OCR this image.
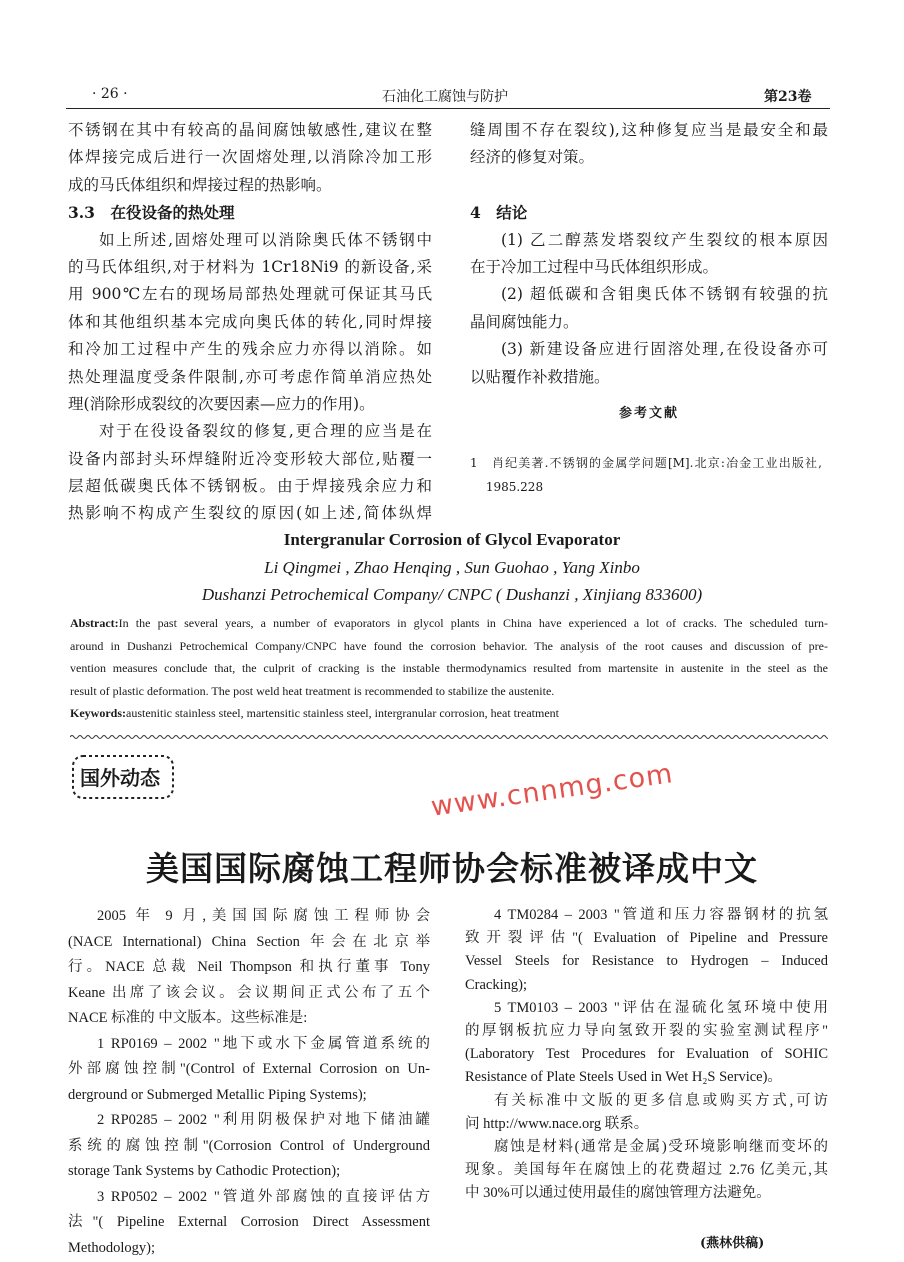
· 26 ·	石油化工腐蚀与防护	第23卷
不锈钢在其中有较高的晶间腐蚀敏感性,建议在整
体焊接完成后进行一次固熔处理,以消除冷加工形
成的马氏体组织和焊接过程的热影响。
3.3　在役设备的热处理
如上所述,固熔处理可以消除奥氏体不锈钢中
的马氏体组织,对于材料为 1Cr18Ni9 的新设备,采
用 900℃左右的现场局部热处理就可保证其马氏
体和其他组织基本完成向奥氏体的转化,同时焊接
和冷加工过程中产生的残余应力亦得以消除。如
热处理温度受条件限制,亦可考虑作简单消应热处
理(消除形成裂纹的次要因素—应力的作用)。
对于在役设备裂纹的修复,更合理的应当是在
设备内部封头环焊缝附近冷变形较大部位,贴覆一
层超低碳奥氏体不锈钢板。由于焊接残余应力和
热影响不构成产生裂纹的原因(如上述,简体纵焊
缝周围不存在裂纹),这种修复应当是最安全和最
经济的修复对策。

4　结论
(1) 乙二醇蒸发塔裂纹产生裂纹的根本原因
在于冷加工过程中马氏体组织形成。
(2) 超低碳和含钼奥氏体不锈钢有较强的抗
晶间腐蚀能力。
(3) 新建设备应进行固溶处理,在役设备亦可
以贴覆作补救措施。
参考文献
1　肖纪美著.不锈钢的金属学问题[M].北京:冶金工业出版社,
　 1985.228
Intergranular Corrosion of Glycol Evaporator
Li Qingmei , Zhao Henqing , Sun Guohao , Yang Xinbo
Dushanzi Petrochemical Company/ CNPC ( Dushanzi , Xinjiang 833600)
Abstract:In the past several years, a number of evaporators in glycol plants in China have experienced a lot of cracks. The scheduled turn-
around in Dushanzi Petrochemical Company/CNPC have found the corrosion behavior. The analysis of the root causes and discussion of pre-
vention measures conclude that, the culprit of cracking is the instable thermodynamics resulted from martensite in austenite in the steel as the
result of plastic deformation. The post weld heat treatment is recommended to stabilize the austenite.
Keywords:austenitic stainless steel, martensitic stainless steel, intergranular corrosion, heat treatment
国外动态	www.cnnmg.com
美国国际腐蚀工程师协会标准被译成中文
2005 年 9 月,美国国际腐蚀工程师协会
(NACE International) China Section 年会在北京举
行。NACE 总裁 Neil Thompson 和执行董事 Tony
Keane 出席了该会议。会议期间正式公布了五个
NACE 标准的 中文版本。这些标准是:
1 RP0169 – 2002 "地下或水下金属管道系统的
外部腐蚀控制"(Control of External Corrosion on Un-
derground or Submerged Metallic Piping Systems);
2 RP0285 – 2002 "利用阴极保护对地下储油罐
系统的腐蚀控制"(Corrosion Control of Underground
storage Tank Systems by Cathodic Protection);
3 RP0502 – 2002 "管道外部腐蚀的直接评估方
法"( Pipeline External Corrosion Direct Assessment
Methodology);
4 TM0284 – 2003 "管道和压力容器钢材的抗氢
致开裂评估"( Evaluation of Pipeline and Pressure
Vessel Steels for Resistance to Hydrogen – Induced
Cracking);
5 TM0103 – 2003 "评估在湿硫化氢环境中使用
的厚钢板抗应力导向氢致开裂的实验室测试程序"
(Laboratory Test Procedures for Evaluation of SOHIC
Resistance of Plate Steels Used in Wet H₂S Service)。
有关标准中文版的更多信息或购买方式,可访
问 http://www.nace.org 联系。
腐蚀是材料(通常是金属)受环境影响继而变坏的
现象。美国每年在腐蚀上的花费超过 2.76 亿美元,其
中 30%可以通过使用最佳的腐蚀管理方法避免。
(燕林供稿)
